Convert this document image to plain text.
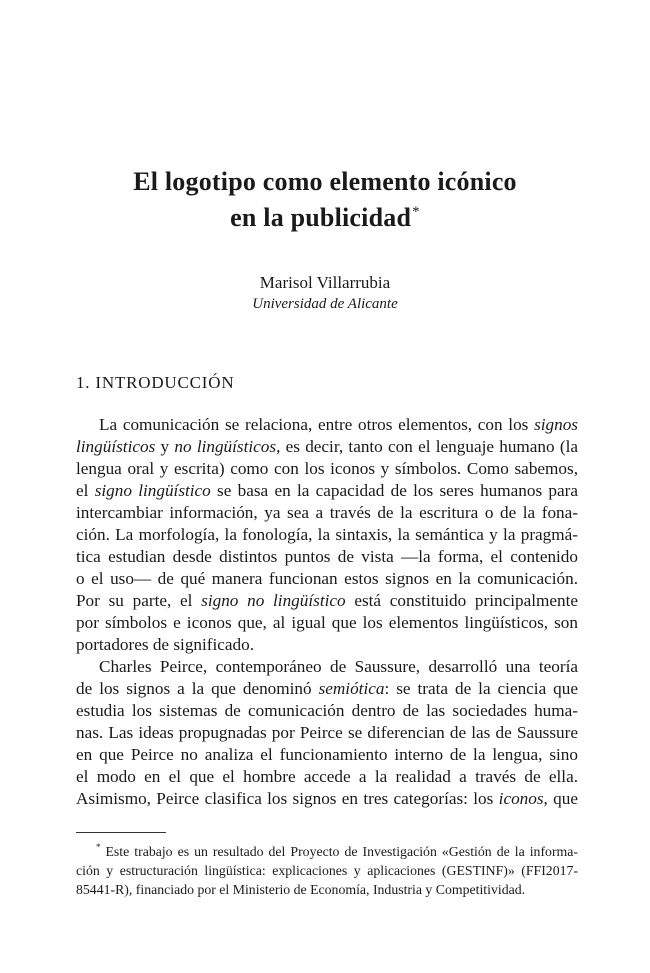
El logotipo como elemento icónico
en la publicidad*
Marisol Villarrubia
Universidad de Alicante
1. INTRODUCCIÓN
La comunicación se relaciona, entre otros elementos, con los signos
lingüísticos y no lingüísticos, es decir, tanto con el lenguaje humano (la
lengua oral y escrita) como con los iconos y símbolos. Como sabemos,
el signo lingüístico se basa en la capacidad de los seres humanos para
intercambiar información, ya sea a través de la escritura o de la fona-
ción. La morfología, la fonología, la sintaxis, la semántica y la pragmá-
tica estudian desde distintos puntos de vista —la forma, el contenido
o el uso— de qué manera funcionan estos signos en la comunicación.
Por su parte, el signo no lingüístico está constituido principalmente
por símbolos e iconos que, al igual que los elementos lingüísticos, son
portadores de significado.
Charles Peirce, contemporáneo de Saussure, desarrolló una teoría
de los signos a la que denominó semiótica: se trata de la ciencia que
estudia los sistemas de comunicación dentro de las sociedades huma-
nas. Las ideas propugnadas por Peirce se diferencian de las de Saussure
en que Peirce no analiza el funcionamiento interno de la lengua, sino
el modo en el que el hombre accede a la realidad a través de ella.
Asimismo, Peirce clasifica los signos en tres categorías: los iconos, que
* Este trabajo es un resultado del Proyecto de Investigación «Gestión de la informa-
ción y estructuración lingüística: explicaciones y aplicaciones (GESTINF)» (FFI2017-
85441-R), financiado por el Ministerio de Economía, Industria y Competitividad.
